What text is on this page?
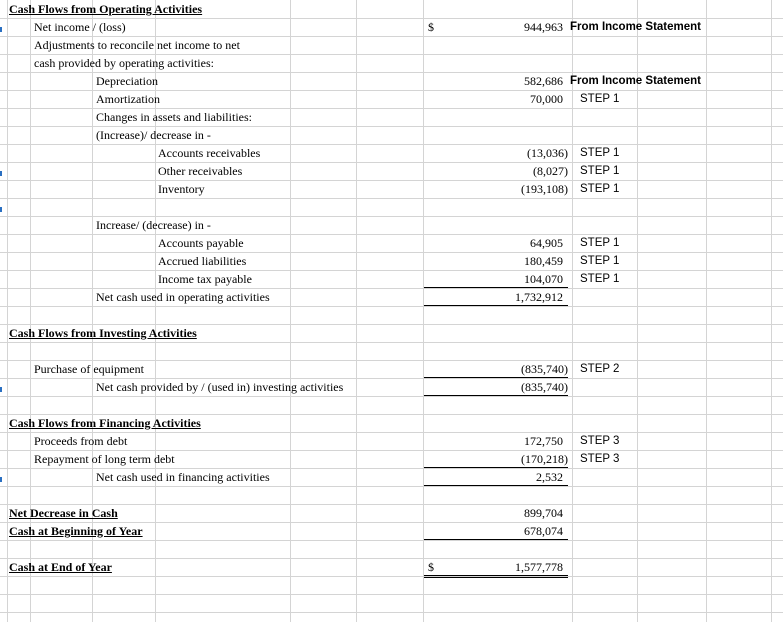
Cash Flows from Operating Activities
Net income / (loss)	$	944,963 From Income Statement
Adjustments to reconcile net income to net
cash provided by operating activities:
Depreciation	582,686 From Income Statement
Amortization	70,000 STEP 1
Changes in assets and liabilities:
(Increase)/ decrease in -
Accounts receivables	(13,036) STEP 1
Other receivables	(8,027) STEP 1
Inventory	(193,108) STEP 1
Increase/ (decrease) in -
Accounts payable	64,905 STEP 1
Accrued liabilities	180,459 STEP 1
Income tax payable	104,070 STEP 1
Net cash used in operating activities	1,732,912
Cash Flows from Investing Activities
Purchase of equipment	(835,740) STEP 2
Net cash provided by / (used in) investing activities	(835,740)
Cash Flows from Financing Activities
Proceeds from debt	172,750 STEP 3
Repayment of long term debt	(170,218) STEP 3
Net cash used in financing activities	2,532
Net Decrease in Cash	899,704
Cash at Beginning of Year	678,074
Cash at End of Year	$	1,577,778
